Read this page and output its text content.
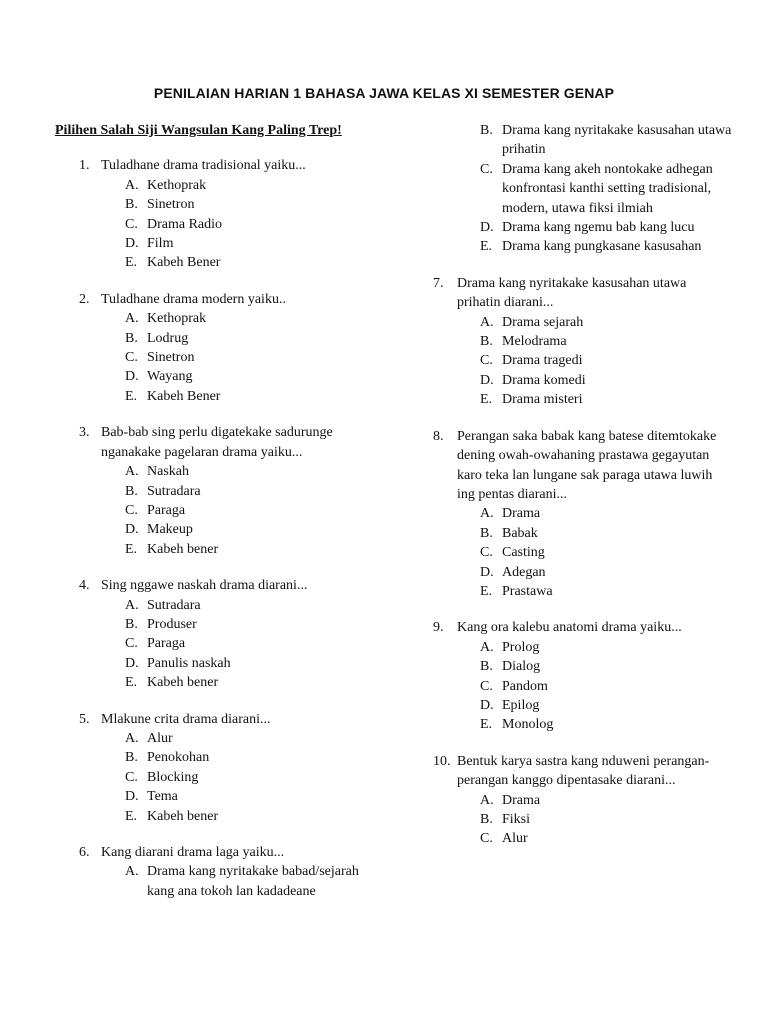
PENILAIAN HARIAN 1 BAHASA JAWA KELAS XI SEMESTER GENAP
Pilihen Salah Siji Wangsulan Kang Paling Trep!
1. Tuladhane drama tradisional yaiku...
A. Kethoprak
B. Sinetron
C. Drama Radio
D. Film
E. Kabeh Bener
2. Tuladhane drama modern yaiku..
A. Kethoprak
B. Lodrug
C. Sinetron
D. Wayang
E. Kabeh Bener
3. Bab-bab sing perlu digatekake sadurunge nganakake pagelaran drama yaiku...
A. Naskah
B. Sutradara
C. Paraga
D. Makeup
E. Kabeh bener
4. Sing nggawe naskah drama diarani...
A. Sutradara
B. Produser
C. Paraga
D. Panulis naskah
E. Kabeh bener
5. Mlakune crita drama diarani...
A. Alur
B. Penokohan
C. Blocking
D. Tema
E. Kabeh bener
6. Kang diarani drama laga yaiku...
A. Drama kang nyritakake babad/sejarah kang ana tokoh lan kadadeane
B. Drama kang nyritakake kasusahan utawa prihatin
C. Drama kang akeh nontokake adhegan konfrontasi kanthi setting tradisional, modern, utawa fiksi ilmiah
D. Drama kang ngemu bab kang lucu
E. Drama kang pungkasane kasusahan
7. Drama kang nyritakake kasusahan utawa prihatin diarani...
A. Drama sejarah
B. Melodrama
C. Drama tragedi
D. Drama komedi
E. Drama misteri
8. Perangan saka babak kang batese ditemtokake dening owah-owahaning prastawa gegayutan karo teka lan lungane sak paraga utawa luwih ing pentas diarani...
A. Drama
B. Babak
C. Casting
D. Adegan
E. Prastawa
9. Kang ora kalebu anatomi drama yaiku...
A. Prolog
B. Dialog
C. Pandom
D. Epilog
E. Monolog
10. Bentuk karya sastra kang nduweni perangan-perangan kanggo dipentasake diarani...
A. Drama
B. Fiksi
C. Alur
